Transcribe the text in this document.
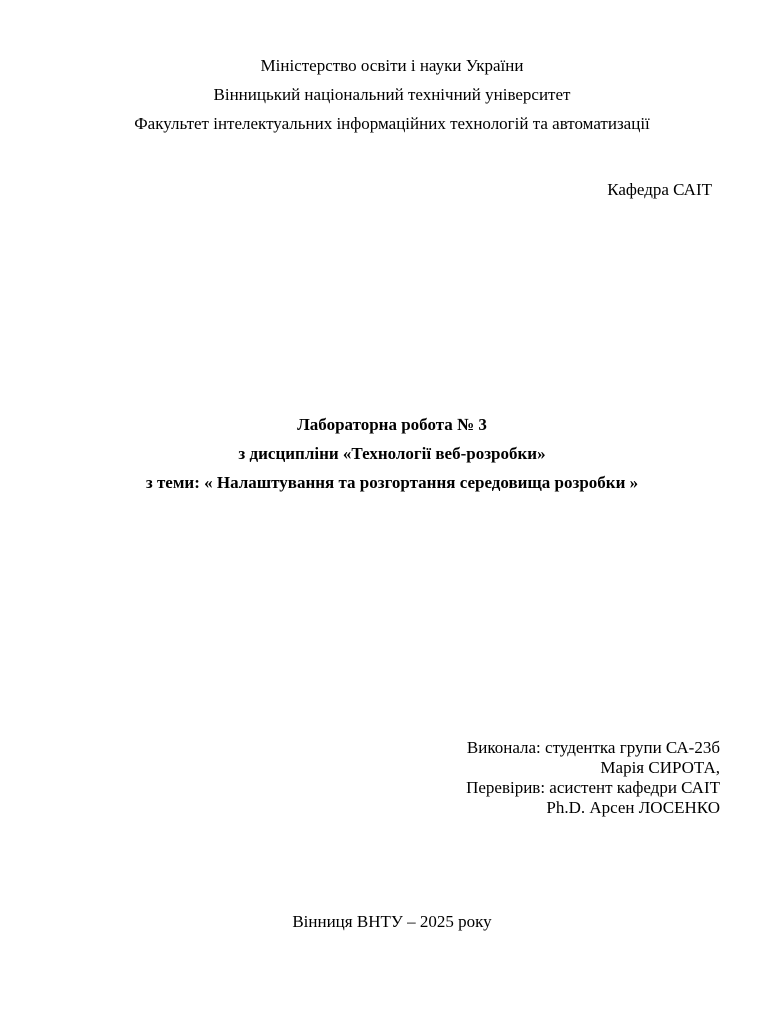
Міністерство освіти і науки України
Вінницький національний технічний університет
Факультет інтелектуальних інформаційних технологій та автоматизації
Кафедра САІТ
Лабораторна робота № 3
з дисципліни «Технології веб-розробки»
з теми: « Налаштування та розгортання середовища розробки »
Виконала: студентка групи СА-23б
Марія СИРОТА,
Перевірив: асистент кафедри САІТ
Ph.D. Арсен ЛОСЕНКО
Вінниця ВНТУ – 2025 року
